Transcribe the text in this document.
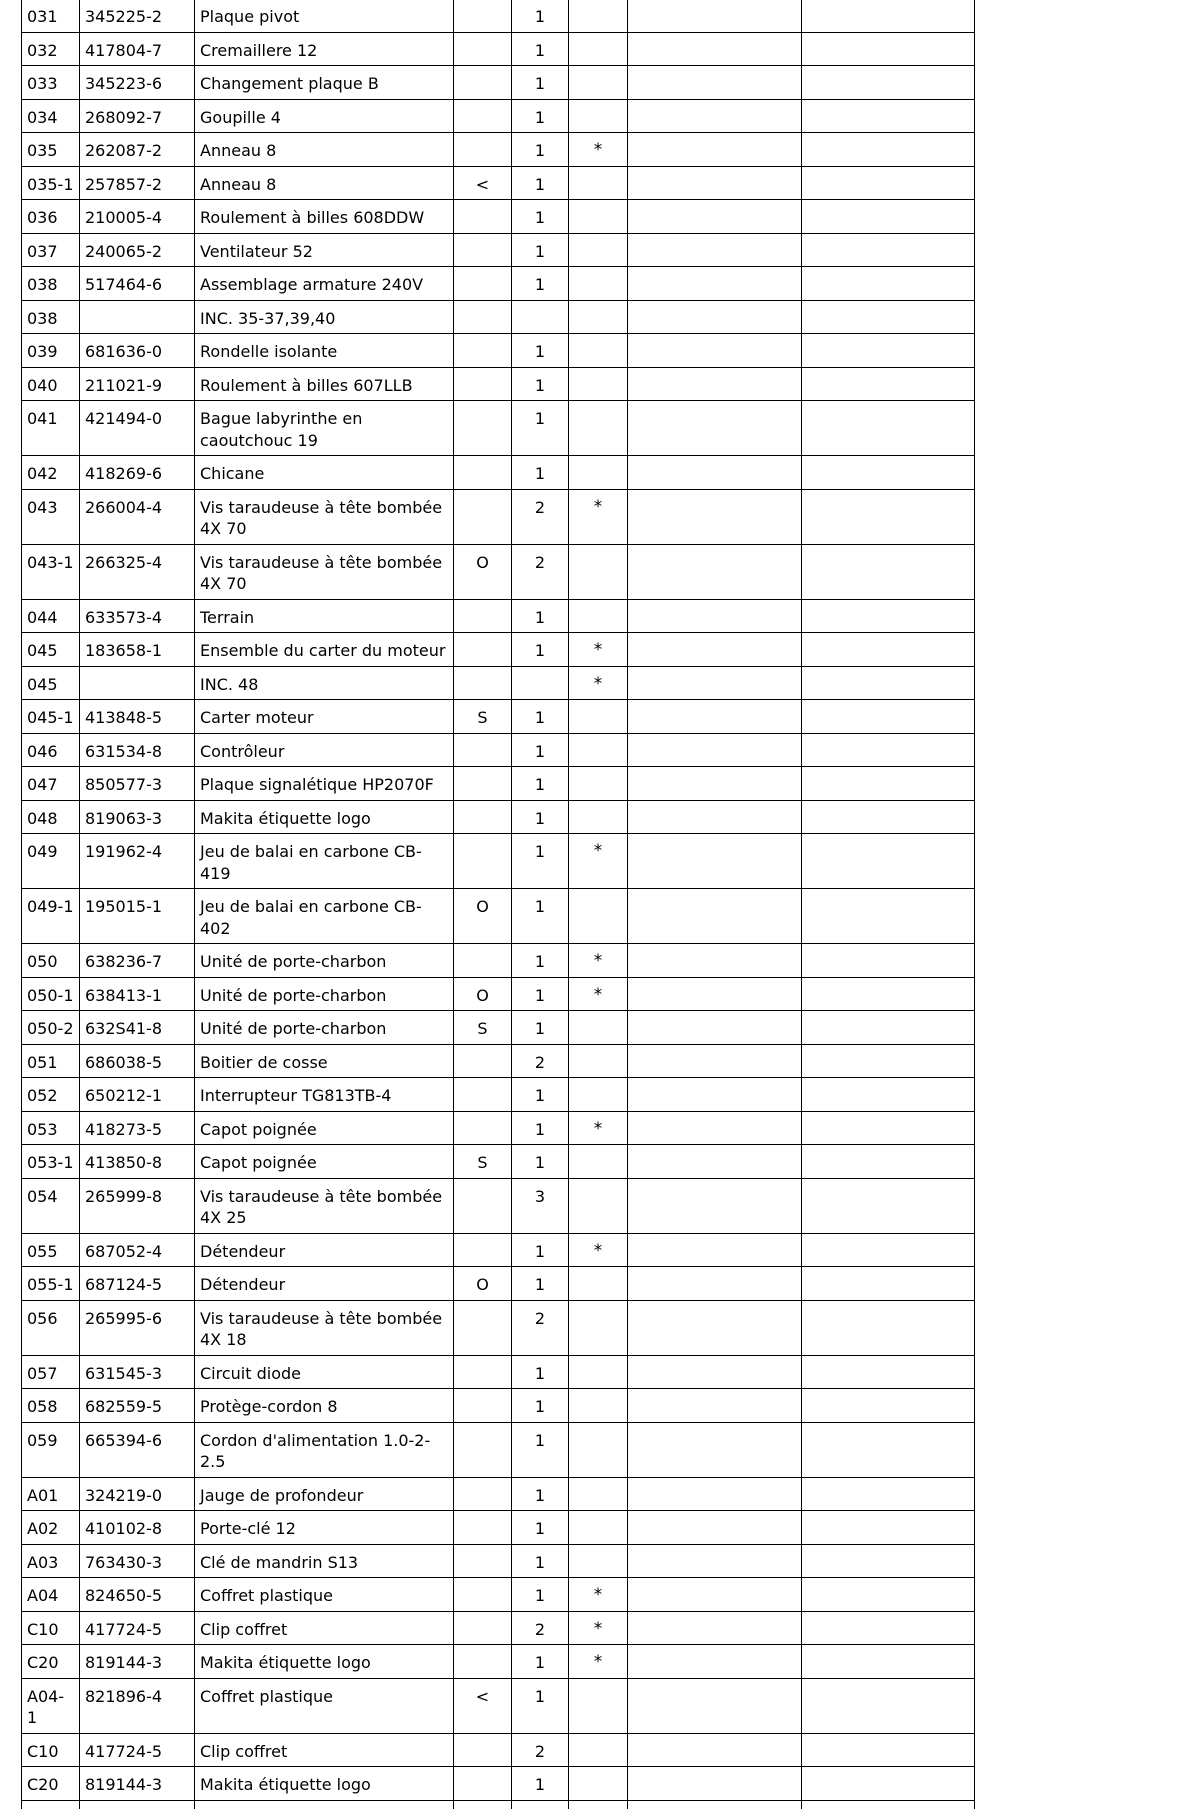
031	345225-2	Plaque pivot		1			
032	417804-7	Cremaillere 12		1			
033	345223-6	Changement plaque B		1			
034	268092-7	Goupille 4		1			
035	262087-2	Anneau 8		1	*		
035-1	257857-2	Anneau 8	<	1			
036	210005-4	Roulement à billes 608DDW		1			
037	240065-2	Ventilateur 52		1			
038	517464-6	Assemblage armature 240V		1			
038		INC. 35-37,39,40					
039	681636-0	Rondelle isolante		1			
040	211021-9	Roulement à billes 607LLB		1			
041	421494-0	Bague labyrinthe en caoutchouc 19		1			
042	418269-6	Chicane		1			
043	266004-4	Vis taraudeuse à tête bombée 4X 70		2	*		
043-1	266325-4	Vis taraudeuse à tête bombée 4X 70	O	2			
044	633573-4	Terrain		1			
045	183658-1	Ensemble du carter du moteur		1	*		
045		INC. 48			*		
045-1	413848-5	Carter moteur	S	1			
046	631534-8	Contrôleur		1			
047	850577-3	Plaque signalétique HP2070F		1			
048	819063-3	Makita étiquette logo		1			
049	191962-4	Jeu de balai en carbone CB-419		1	*		
049-1	195015-1	Jeu de balai en carbone CB-402	O	1			
050	638236-7	Unité de porte-charbon		1	*		
050-1	638413-1	Unité de porte-charbon	O	1	*		
050-2	632S41-8	Unité de porte-charbon	S	1			
051	686038-5	Boitier de cosse		2			
052	650212-1	Interrupteur TG813TB-4		1			
053	418273-5	Capot poignée		1	*		
053-1	413850-8	Capot poignée	S	1			
054	265999-8	Vis taraudeuse à tête bombée 4X 25		3			
055	687052-4	Détendeur		1	*		
055-1	687124-5	Détendeur	O	1			
056	265995-6	Vis taraudeuse à tête bombée 4X 18		2			
057	631545-3	Circuit diode		1			
058	682559-5	Protège-cordon 8		1			
059	665394-6	Cordon d'alimentation 1.0-2-2.5		1			
A01	324219-0	Jauge de profondeur		1			
A02	410102-8	Porte-clé 12		1			
A03	763430-3	Clé de mandrin S13		1			
A04	824650-5	Coffret plastique		1	*		
C10	417724-5	Clip coffret		2	*		
C20	819144-3	Makita étiquette logo		1	*		
A04-1	821896-4	Coffret plastique	<	1			
C10	417724-5	Clip coffret		2			
C20	819144-3	Makita étiquette logo		1			
